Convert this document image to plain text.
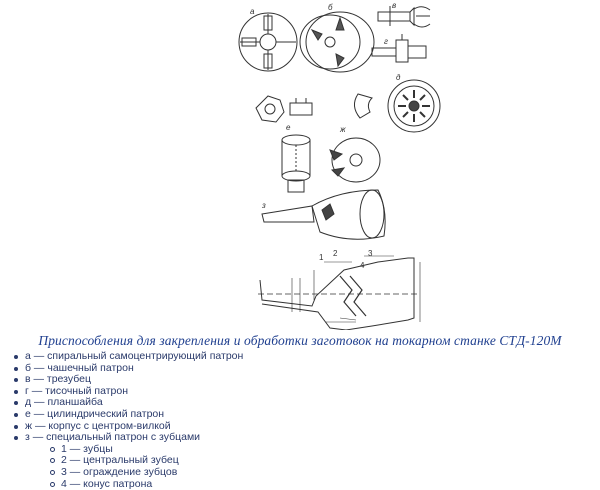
а	б	в
г
д
е	ж
з
1 2	3
4
Приспособления для закрепления и обработки заготовок на токарном станке СТД-120М
а — спиральный самоцентрирующий патрон
б — чашечный патрон
в — трезубец
г — тисочный патрон
д — планшайба
е — цилиндрический патрон
ж — корпус с центром-вилкой
з — специальный патрон с зубцами
1 — зубцы
2 — центральный зубец
3 — ограждение зубцов
4 — конус патрона
